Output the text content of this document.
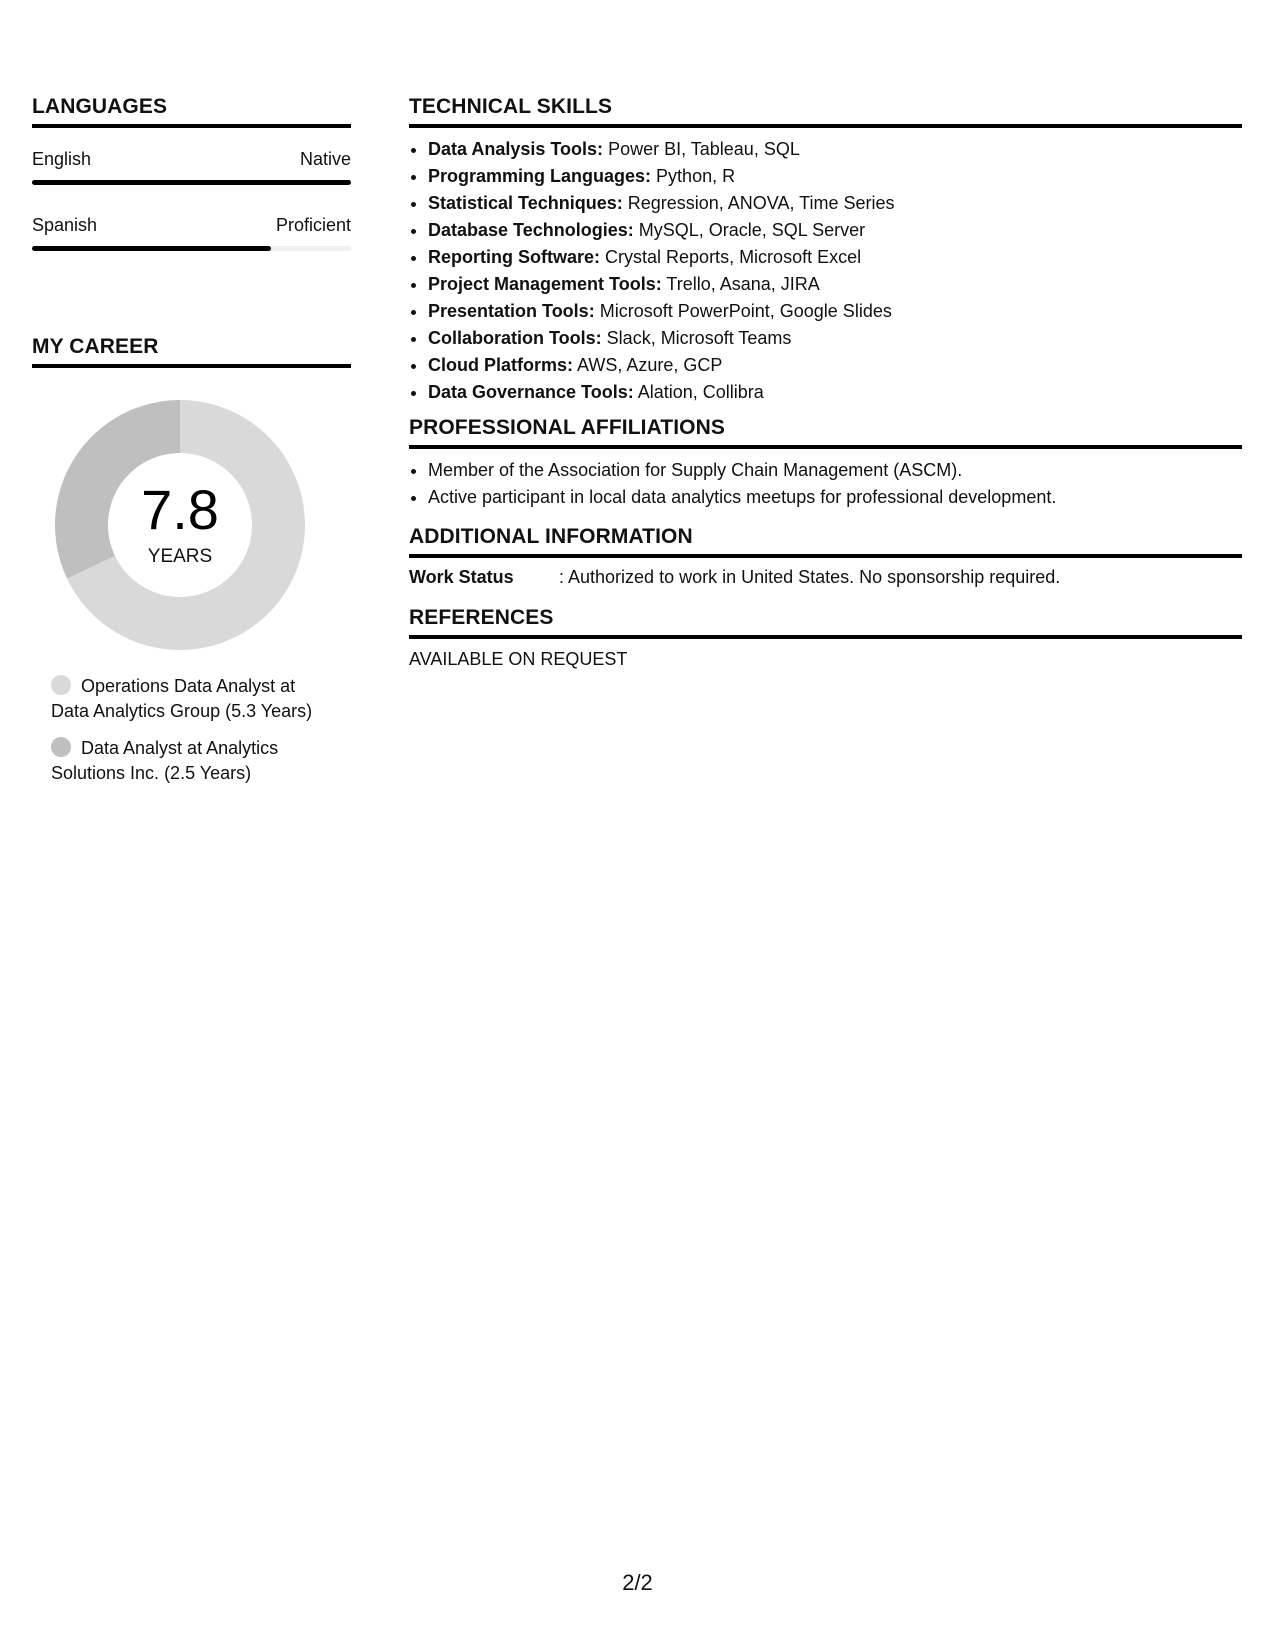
LANGUAGES
English	Native
Spanish	Proficient
MY CAREER
7.8
YEARS
Operations Data Analyst at Data Analytics Group (5.3 Years)
Data Analyst at Analytics Solutions Inc. (2.5 Years)
TECHNICAL SKILLS
• Data Analysis Tools: Power BI, Tableau, SQL
• Programming Languages: Python, R
• Statistical Techniques: Regression, ANOVA, Time Series
• Database Technologies: MySQL, Oracle, SQL Server
• Reporting Software: Crystal Reports, Microsoft Excel
• Project Management Tools: Trello, Asana, JIRA
• Presentation Tools: Microsoft PowerPoint, Google Slides
• Collaboration Tools: Slack, Microsoft Teams
• Cloud Platforms: AWS, Azure, GCP
• Data Governance Tools: Alation, Collibra
PROFESSIONAL AFFILIATIONS
• Member of the Association for Supply Chain Management (ASCM).
• Active participant in local data analytics meetups for professional development.
ADDITIONAL INFORMATION
Work Status	: Authorized to work in United States. No sponsorship required.
REFERENCES
AVAILABLE ON REQUEST
2/2
